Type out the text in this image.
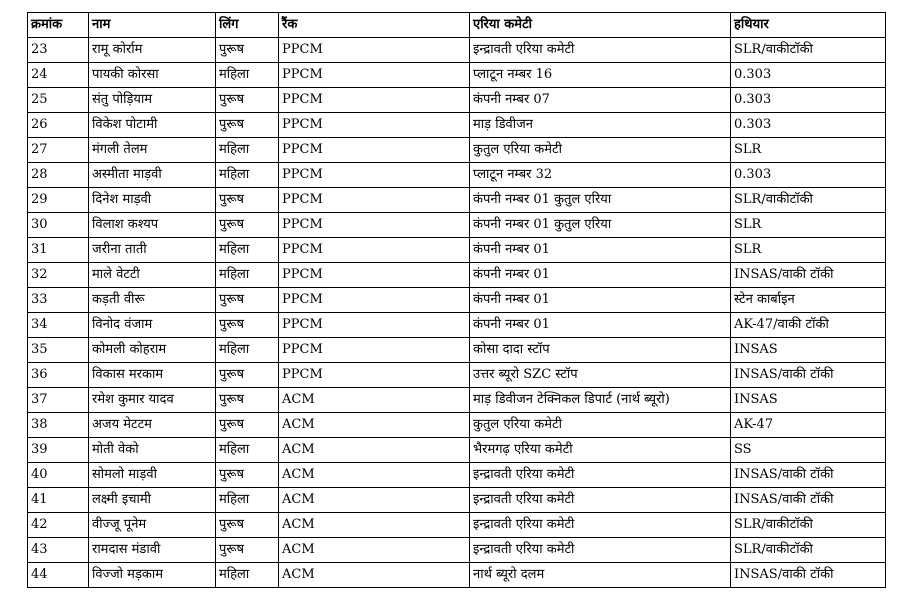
क्रमांक	नाम	लिंग	रैंक	एरिया कमेटी	हथियार
23	रामू कोर्राम	पुरूष	PPCM	इन्द्रावती एरिया कमेटी	SLR/वाकीटॉकी
24	पायकी कोरसा	महिला	PPCM	प्लाटून नम्बर 16	0.303
25	संतु पोड़ियाम	पुरूष	PPCM	कंपनी नम्बर 07	0.303
26	विकेश पोटामी	पुरूष	PPCM	माड़ डिवीजन	0.303
27	मंगली तेलम	महिला	PPCM	कुतुल एरिया कमेटी	SLR
28	अस्मीता माड़वी	महिला	PPCM	प्लाटून नम्बर 32	0.303
29	दिनेश माड़वी	पुरूष	PPCM	कंपनी नम्बर 01 कुतुल एरिया	SLR/वाकीटॉकी
30	विलाश कश्यप	पुरूष	PPCM	कंपनी नम्बर 01 कुतुल एरिया	SLR
31	जरीना ताती	महिला	PPCM	कंपनी नम्बर 01	SLR
32	माले वेटटी	महिला	PPCM	कंपनी नम्बर 01	INSAS/वाकी टॉकी
33	कड़ती वीरू	पुरूष	PPCM	कंपनी नम्बर 01	स्टेन कार्बाइन
34	विनोद वंजाम	पुरूष	PPCM	कंपनी नम्बर 01	AK-47/वाकी टॉकी
35	कोमली कोहराम	महिला	PPCM	कोसा दादा स्टॉप	INSAS
36	विकास मरकाम	पुरूष	PPCM	उत्तर ब्यूरो SZC स्टॉप	INSAS/वाकी टॉकी
37	रमेश कुमार यादव	पुरूष	ACM	माड़ डिवीजन टेक्निकल डिपार्ट (नार्थ ब्यूरो)	INSAS
38	अजय मेटटम	पुरूष	ACM	कुतुल एरिया कमेटी	AK-47
39	मोती वेको	महिला	ACM	भैरमगढ़ एरिया कमेटी	SS
40	सोमलो माड़वी	पुरूष	ACM	इन्द्रावती एरिया कमेटी	INSAS/वाकी टॉकी
41	लक्ष्मी इचामी	महिला	ACM	इन्द्रावती एरिया कमेटी	INSAS/वाकी टॉकी
42	वीज्जू पूनेम	पुरूष	ACM	इन्द्रावती एरिया कमेटी	SLR/वाकीटॉकी
43	रामदास मंडावी	पुरूष	ACM	इन्द्रावती एरिया कमेटी	SLR/वाकीटॉकी
44	विज्जो मड़काम	महिला	ACM	नार्थ ब्यूरो दलम	INSAS/वाकी टॉकी
